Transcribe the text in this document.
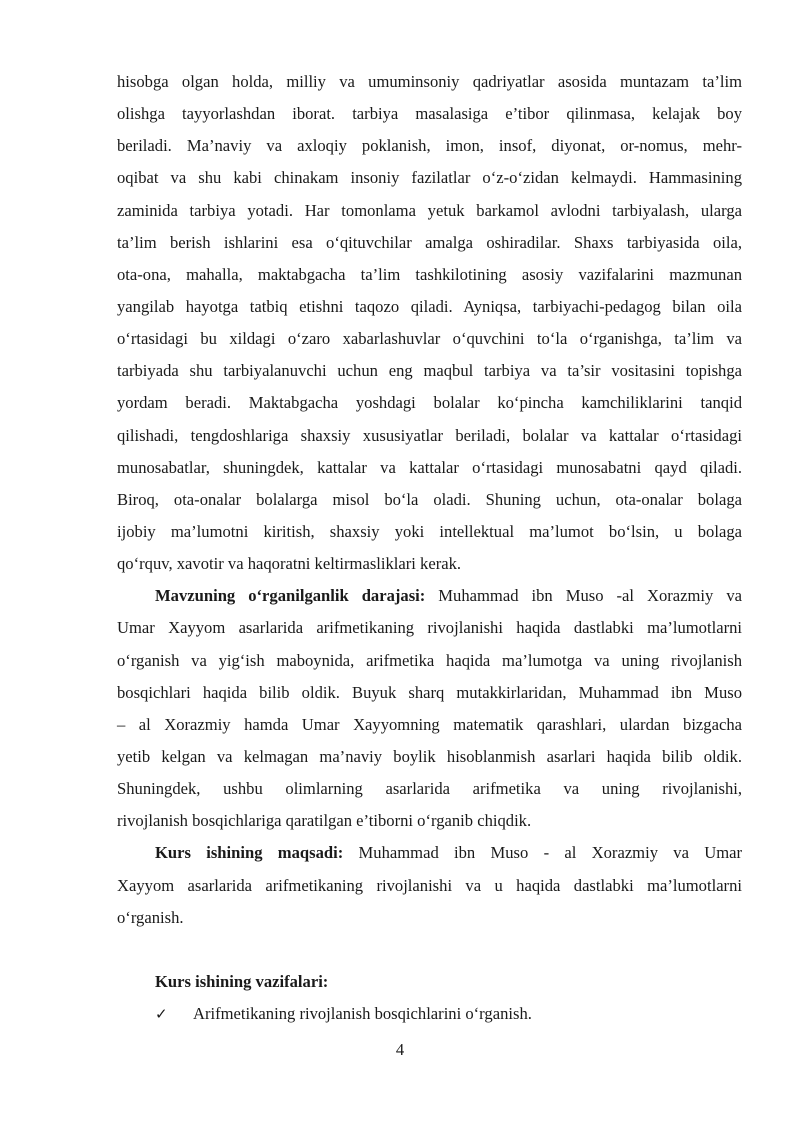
hisobga olgan holda, milliy va umuminsoniy qadriyatlar asosida muntazam ta’lim
olishga tayyorlashdan iborat. tarbiya masalasiga e’tibor qilinmasa, kelajak boy
beriladi. Ma’naviy va axloqiy poklanish, imon, insof, diyonat, or-nomus, mehr-
oqibat va shu kabi chinakam insoniy fazilatlar o‘z-o‘zidan kelmaydi. Hammasining
zaminida tarbiya yotadi. Har tomonlama yetuk barkamol avlodni tarbiyalash, ularga
ta’lim berish ishlarini esa o‘qituvchilar amalga oshiradilar. Shaxs tarbiyasida oila,
ota-ona, mahalla, maktabgacha ta’lim tashkilotining asosiy vazifalarini mazmunan
yangilab hayotga tatbiq etishni taqozo qiladi. Ayniqsa, tarbiyachi-pedagog bilan oila
o‘rtasidagi bu xildagi o‘zaro xabarlashuvlar o‘quvchini to‘la o‘rganishga, ta’lim va
tarbiyada shu tarbiyalanuvchi uchun eng maqbul tarbiya va ta’sir vositasini topishga
yordam beradi. Maktabgacha yoshdagi bolalar ko‘pincha kamchiliklarini tanqid
qilishadi, tengdoshlariga shaxsiy xususiyatlar beriladi, bolalar va kattalar o‘rtasidagi
munosabatlar, shuningdek, kattalar va kattalar o‘rtasidagi munosabatni qayd qiladi.
Biroq, ota-onalar bolalarga misol bo‘la oladi. Shuning uchun, ota-onalar bolaga
ijobiy ma’lumotni kiritish, shaxsiy yoki intellektual ma’lumot bo‘lsin, u bolaga
qo‘rquv, xavotir va haqoratni keltirmasliklari kerak.
Mavzuning o‘rganilganlik darajasi: Muhammad ibn Muso -al Xorazmiy va
Umar Xayyom asarlarida arifmetikaning rivojlanishi haqida dastlabki ma’lumotlarni
o‘rganish va yig‘ish maboynida, arifmetika haqida ma’lumotga va uning rivojlanish
bosqichlari haqida bilib oldik. Buyuk sharq mutakkirlaridan, Muhammad ibn Muso
– al Xorazmiy hamda Umar Xayyomning matematik qarashlari, ulardan bizgacha
yetib kelgan va kelmagan ma’naviy boylik hisoblanmish asarlari haqida bilib oldik.
Shuningdek, ushbu olimlarning asarlarida arifmetika va uning rivojlanishi,
rivojlanish bosqichlariga qaratilgan e’tiborni o‘rganib chiqdik.
Kurs ishining maqsadi: Muhammad ibn Muso - al Xorazmiy va Umar
Xayyom asarlarida arifmetikaning rivojlanishi va u haqida dastlabki ma’lumotlarni
o‘rganish.

Kurs ishining vazifalari:

✓	Arifmetikaning rivojlanish bosqichlarini o‘rganish.
4
